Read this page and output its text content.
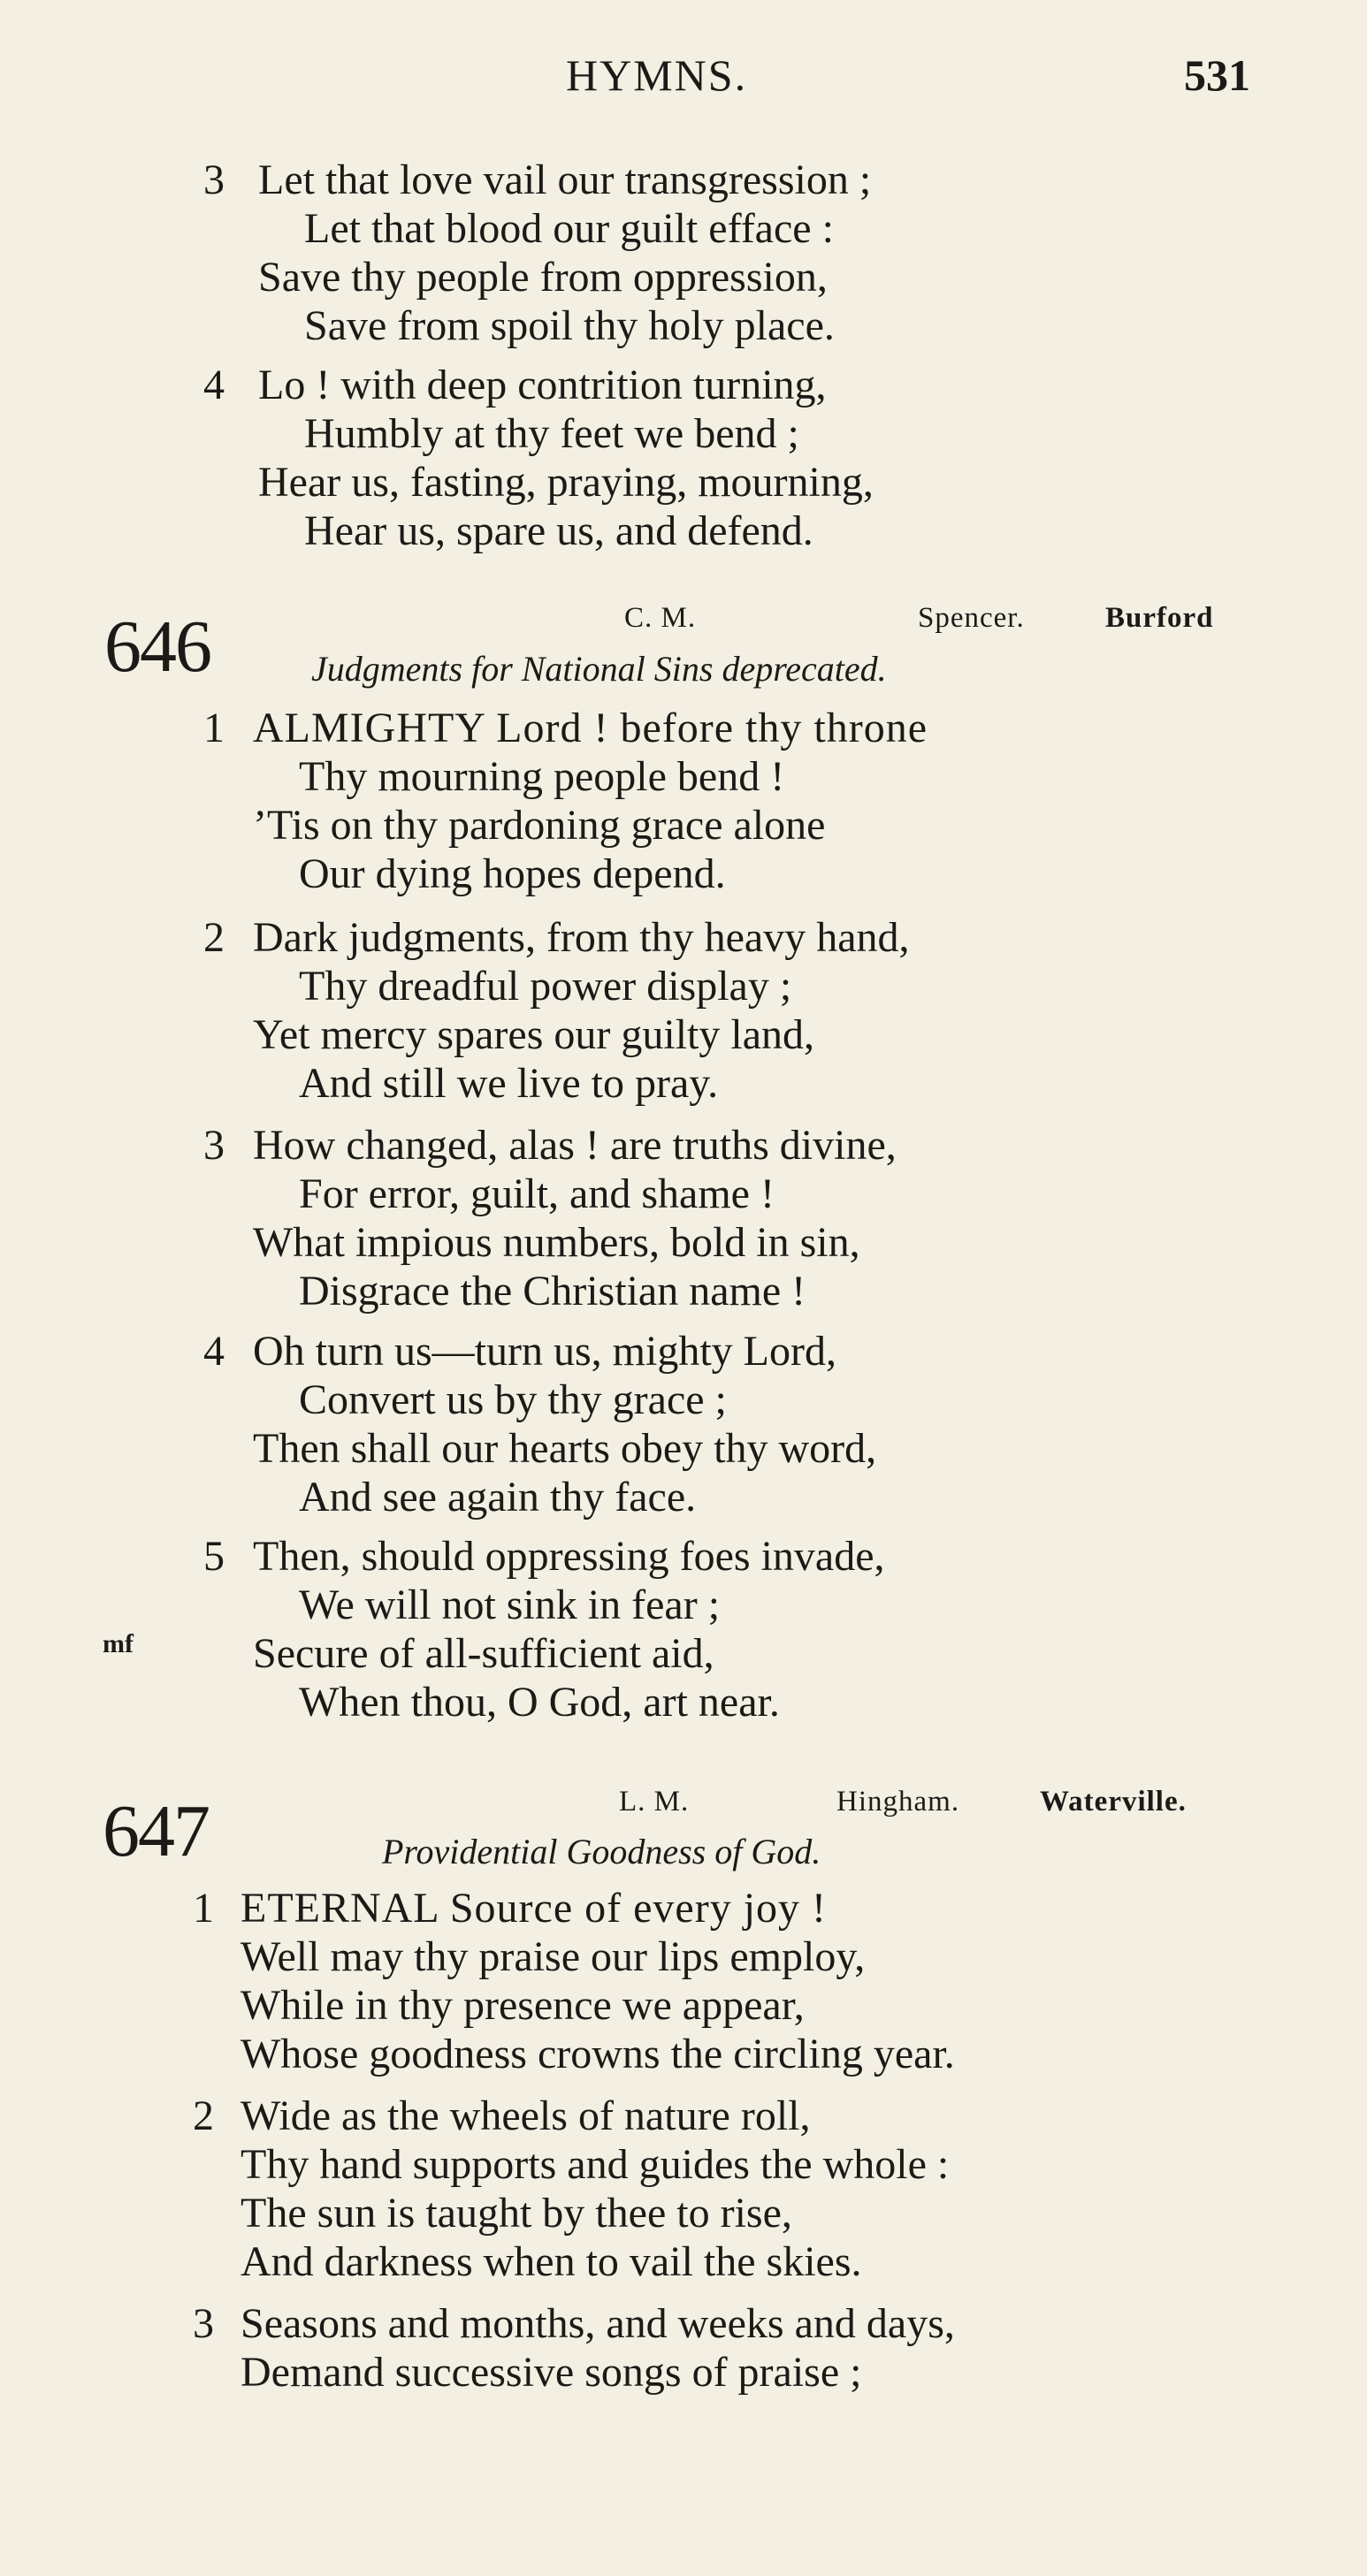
HYMNS.	531
3 Let that love vail our transgression ;
Let that blood our guilt efface :
Save thy people from oppression,
Save from spoil thy holy place.
4 Lo ! with deep contrition turning,
Humbly at thy feet we bend ;
Hear us, fasting, praying, mourning,
Hear us, spare us, and defend.
646	C. M.	Spencer.	Burford
Judgments for National Sins deprecated.
1 ALMIGHTY Lord ! before thy throne
Thy mourning people bend !
’Tis on thy pardoning grace alone
Our dying hopes depend.
2 Dark judgments, from thy heavy hand,
Thy dreadful power display ;
Yet mercy spares our guilty land,
And still we live to pray.
3 How changed, alas ! are truths divine,
For error, guilt, and shame !
What impious numbers, bold in sin,
Disgrace the Christian name !
4 Oh turn us—turn us, mighty Lord,
Convert us by thy grace ;
Then shall our hearts obey thy word,
And see again thy face.
5 Then, should oppressing foes invade,
We will not sink in fear ;
mf	Secure of all-sufficient aid,
When thou, O God, art near.
647	L. M.	Hingham.	Waterville.
Providential Goodness of God.
1 ETERNAL Source of every joy !
Well may thy praise our lips employ,
While in thy presence we appear,
Whose goodness crowns the circling year.
2 Wide as the wheels of nature roll,
Thy hand supports and guides the whole :
The sun is taught by thee to rise,
And darkness when to vail the skies.
3 Seasons and months, and weeks and days,
Demand successive songs of praise ;
